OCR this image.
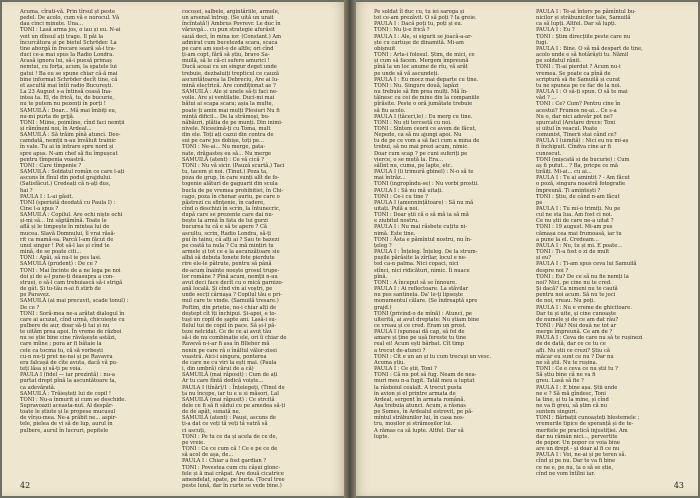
Acuma, cîrati-vă. Prin tîrsul șt peste
pedel. De acolo, cum vă e norocul. Vă
dau cinci minute. Una...
TONI : Lasă arma jos, o iau și eu. N-ai
voit un dînsul ați trage. Il păi la
încurcătura și pe bietul Schröder. La
tine aborgă în frecare seară să-i tra-
duci ce-a mai spus la Radio Londra.
Acasă ignora lui, să-i puesă primaș
nemtui, cu forța, acum, la spatele lui
gatui ! Ba eu se spune chiar că-ă mai
bine informat Schröder decît tine, că
et ascultă mai întîi radio București.
La 23 August s-a întinsă ceasă Ina-
intea ta. El, de frică, tu, de bucurie,
nu te putem nu pezenți în porți !
SAMUILĂ : Doar... Mă mai îmbiți eu,
nu-mi purta de grijă.
TONI : Miine, poimîine, cînd faci nemții
și rămîneni noi, în Ardeal...
SAMUILĂ : Să trăim pînă atunci. Deo-
camdată, nemții n-au învăluit trainic
în vale. Tu ai în intrare spre nord și
spre apus. N-am chef să fiu împușcat
pentru tîmpenia voastră.
TONI : Care tîmpenie ?
SAMUILĂ : Soldatul român ce care l-ați
ascuns în fînul din podul grajdului.
(Satisfăcut.) Credeați că n-ați dus,
hai ?
PAULA I : L-ai găsit.
TONI (speriată deodată cu Paula I) :
Cine l-a spus ?
SAMUILĂ : Copilul. Are ochi niște ochi
și-mi să... Ini săptămînă. Toate le
află și le timpește în mintea lui de
mucea. Slavă Domnului, îl vrai răsă-
rit ca mamă-sa. Parcă l-am făcut de
unul singur ! Pot să-l las și cînd te
mină, de se poate citi...
TONI : Apăi, să nu-l ie pes lasi.
SAMUILĂ (prudent) : De ce ?
TONI : Mai încinte de a ne lega pe noi
doi și de a-l pune-ți deasupra a con-
struei, o să-l cam trebuiască să-i strigă
de gât. Și tu-tău n-ai fi stirb de
pe Paravez.
SAMUILĂ (ai mai precuvit, scade tonul) :
De ce ?
TONI : Soră-mea ne-a arătat dialogul în
care ai acuzat, cînd urmă, chicuiește cu
pulbere de aur, doar să-ți tai și nu
te uităm prea apoi. În vreme de război
nu se știe bine cine răvășește astăzi,
care mîine ; pora ar fi bătaie la
cele ca tocma tu, că să vorbești
cu-n nu-ți pret ne-nsi și pe Ravavra
era falcașă de cîte avuta, dacă vă pu-
teți lăsa și să-ți pe voia.
PAULA I (fidel — iar prezintă) : nu-a
purtat drept pînă la ascuntătoare ta,
ca adevărată.
SAMUILĂ : Trăieșteți lui de copil !
TONI : Nu-a înmurit și cum se deschide.
Supravoazii aceasta-nut. Al despăr-
toate le știute și le propese mucusul
de vîrșu-mea. Ne-a prăbit ne... aspir-
tele, pielea de vi să de lup, aurul în
pulbere, aurul în lucruri, pepitele
cocoșei, salbele, argintăriile, armele,
un arsenal întreg. (Se uită un urait
încîntată!) Ambrus Povrevr. Le duc în
văruvgă... cu pun strategie afurăsit
sauă deci, în mina ior. (Constant.) Am
admirat cum bucelezda scara, scaca
pe care am sust-o de altfe; ori cînd
ți-am copt, fără să știu, bravo Sa-
muilă, să le că-ci sufere amurici !
Ducă aceai cu un singur deget unde
trebuie, dezbaluiți trepticul ce cauză
ascuntătoarea la Debreciu, Are ai lu-
mină electrică. Are condiționat ae ?
SAMUILĂ : Ale și unele să-ți faci ne-
voile. Are și ventilatie. Duci-mi mai
bătui ai scapa scara; așia la multe,
poate ți amin mai mulți Plesiuri Nu fi
mintă dificil... De la strămoși, bu-
năbăuri, plătia de pe munți. Din inimi-
nivele. Niceeimă-ți cu Toma, mult
din ele. Toți ați cazui din contra de
sui pe care jos dobișe, toți pe...
TONI : Ne-ai... Nu merge, gata-
nate, drăgasteș eu să... Nu merge
SAMUILĂ (atent) : Ce vă cică ?
TONI : Nu vă sicir. (Pauză scurtă.) Taci
tu, tacem și noi. (Tinut.) Poza ta,
poza de grup, în care sunți alît de fo-
togenie alături de gaguarii din scula
bucla de pe vremea prohibitiei, în Chi-
cago, poza în chenar auriu, pe care o
păstrezi cu sfințenie, în cadere,
cînd o deschizi în scrin, la întunecric,
după care se prezente care dai nu-
bește la armă în fata de lui gurzi
bucurea tu că e să te apere ? Că
ascultu, scrin, Radio Londra, să-ți
pui în tainu, că alți ai ? Sau te bazezi
pe ceată ta nula ? Cu mă mințiri tu
armele și tot ce e la ascunzătoare sie
albă să debuta Ionete fote pierdute
rire ele-le pătrute, pentru să până
de-acum înainte noește grosul trupe-
lor române ? Pînă acum, nemții n-au
avut deci face decît cu o mică garnizo-
ană locală. Și cînd vin ai voștri, pe
unde secți cârnașa ? Copilul tău e pri-
mul care te vinde. (Samuilă tresare.)
Poftim, din prietie, no-i chiar alți de
deștept cît îți închipui. Și-apoi, e to-
tuși un copil de șapte ani. Lasă-i su-
flelul tui de copil în pace. Să și-l pă-
teze nelcidat. Ce de ce ai avut tău
să-i de nu combinatie ele, ori îi chiar de
Ravevă n-i-ar fi asa în Blleher mă
nenin pe care ră o înăltul vălor-zisei
voastră. Aici-i singura, ponterea
de care ne cu viri la ești mai. (Paula
i, din umbră) cărui de a că)
SAMUILĂ (mai răposit) : Cum de ați
Ar tu care fîntă dedică voiște...
PAULA I (tînăr)/1 : Înțelegeți, (Tinul de
ța nu începe, iar tu e u si măsori, Lal
SAMUILĂ (mai răpusit) : Ce strcită
dele ce fi să fi sădui cu pe amedea să-ți
de de apăt, sunată ne.
SAMUILĂ (atent) : Pauși, ascuns de
ți-a dat ce veți tă veți tă vatră să
ci ascuți,
TONI : Pe tu ce da și acela de ce de,
pe vreie.
TONI : Ce ce cum că ! Ce e pe ce de
să acol de așa, de...
PAULA I : Chiar a fost gardian ?
TONI : Povestea cum ciu câșui glonc-
fele și ă mai crăpat. Are două cicatrice
amendelat, spate, pe burta. (Tocul tree
peste lună, dar în curte se vede bine.)
42
Pe soldat îl duc cu, tu iei saroga și
tot ce-am prezăvit. O să poți ? Ia greie.
PAULA I : Dacă poți tu, poți și eu.
TONI : Nu ți-e frică ?
PAULA I : Ale, si sigurii se joacă-a-ar-
ște cu cartușe de dinamită. Mi-am
obișnuit
TONI : Arta-i folosul. Știm, de mici, ce
și cum să facem. Mergem împreună
pînă la un loc anume de rîu, vă arăt
pe unde să vă ascundeți.
PAULA I : Eu mocz mai departe cu tine.
TONI : Nu. Singure două, lapăzi
nu trebuie să fim prea mulți. Mă în-
tâlnesc cu cei de mine din la companiile
pîrăsite. Peste o oră jumătate trebuie
să fiu acolo.
PAULA I (tăceri,le) : Eu merg cu tine.
TONI : Nu ști tercsetă cu noi.
TONI : Sîntem ceorii ce avem de făcut,
Nepede, ca să nu ajungi apoi. Nu
tu de pe ce vom a să faci cum a mina de
trebui, să nu mai prezi acum, nimic.
Doar cum scap ? pe cuni suferiți pe
vierce, o se mută la. Era...
sălînt nu, cumu, pe lapte, etc.
PAULA I (li trimură gbinel) : N-o să te
mai întrăz...
TONI (ingropîndu-se) : Nu vorbi prostii.
PAULA I : Să nu mă uitați.
TONI : Ce-i cu tine ?
PAULA I (amennințătoare) : Să nu mă
uitați. Pulă a noi.
TONI : Doar știi că o să mă ia să mă
e ziubitul nostru.
PAULA I : Nu mai răsbete cuțitu ni-
nimă. Este tine.
TONI : Ăsta e pămîntul nostru, nu în-
țeleg ?
PAULA I : Înțeleg. Înțeleg. De la strum-
pușile părăsite la zîrilar, locul e ne-
ted ca-n palma. Nici copaci, nici
stînci, nici ridicături, nimic. Îi nuace
pînă.
TONI : A început să se înnoure.
PAULA I : Ai reflectoare. La stăvilar
nu pus santinela. Da' le-ți lipsește
monumentul călare. (Se îndreaptă spre
grajd.)
TONI (privind-o de mînă) : Atunci, pe
ulterită, ai avut dreptate: Nu știam bine
ce vreau și ce cred. Eram un prost.
PAULA I (spuneai dă cap, să fel de
amare și ține pe ușă fereste tu tine
real ei! Acum ești bărbat. Cît timp
a trecut de-atunci ?
TONI : Cît e un an și tu cum trecuși un vesc.
Acuma știu.
PAULA I : Ce știi, Toni ?
TONI : Că nu pot să fug. Neam de nea-
muri meu n-a fugit. Tatăl meu a luptat
la râsboiul cealalt. A trecut pusta
în avion și el printre armata de
Ardeal, sergent în armata română.
Așa trebuia atunci. Acum, a răsnas
pe Somes, în Ardealul estrovit, pe pă-
mîntul străbunilor lui, în casa nos-
tru, moșilor și strămoșilor lui.
A rămas ca să lupte. Altfel. Dar să
lupte.
PAULA I : Te-ai întors pe pămîntul bu-
nicilor și străbunicilor tale, Samuilă
ca să lupți. Altfel. Dar să lupți.
PAULA I : Eu ?
TONI : Știm direcțiile peste care nu
fugi.
PAULA I : Bine. O să mă despart de tine,
acolo unde e să hotărăști tu. Nămil
pe soldatul rănit.
TONI : Ti-ai pierdut ? Acum nu-i
vremea. Se poate ca pînă de
scriptură să fie Samuilă și curat
tu ne spunea pe ce fac de la noi.
PAULA I : O să-ți spun. O să te mai
văd ? ...
TONI : Ce? Cum? Pentru cine în
acestui? Frumos ne-ai... Ce s-a
Nu o, dar nici adevăr pot ne?
spurcatul (Arstare drece: Toni
și uitul în veacul. Poate
comunist, Tinerii stai când ce?
PAULA I (uimită) : Nici eu nu mi-aș
fi închipuit. Cîndva cine ar fi
cunoscut.
TONI (mișcată si de bucurie) : Cum
aș fi putut... ? Ba, pricpe ce mă
tirăiți. Mi-ai... cu ai...
PAULA I : Tu ai amintit ? - Am făcut
o poză, singura noastră fotografie
împreună. Ți amintești ?
TONI : Știu, de când n-am făcut
pe
PAULA I : Tu mi-o trimiți. Nu pe
cul ne sta lua. Am fost ci noi.
Ce nu știi de care ne-a uitat ?
TONI : 19 august. Mi-am pus
cămașa cea mai frumoasă, iar tu
a pune la el. Credeam...
PAULA I : Nu, tu și mi. E poate...
TONI : Ți-a fost o zi de mult
și eu?
PAULA I : Ți-am spus ceva lui Samuilă
despre noi ?
TONI : Eu? De ce să nu fie nemți la
noi? Nici, pe cine nu te cred.
Și dacă? Ca nimeni nu te caută
pentru noi acum. Să nu te joci
de noi, vreau. Nu poți.
PAULA I : Nu e vreme de ghicitoare.
Dar tu și uite, și cine cunoaște
de numele și de ce am dat rău?
TONI : Păi? Noi două ne tot ar
merge împreună. Ce am de ?
PAULA I : Ceva de care nu să te rușinezi
de de dată, dar ce ce tu ce
afli. Nu știi ce crezi? Știu că
măcar eu sunt ce nu ? Dar nu
ne să știi. Nu te rușina.
TONI : Ce e ceva ce nu știi tu ?
Să știu bine că ne va fi
greu. Lasă să fie ?
PAULA I : E bine așa. Știi unde
ne e ? Să mă gîndesc, Toni
la tine, și tu la mine, și cînd
ne va fi greu, să știm că nu
suntem singuri.
TONI : Bărbații cunoașteți blestemele ;
vremurile tipice de speranță și de te-
meritele pe practică injustiției. Am
dar nu rămân nici..., pervertite
de popor. Un popor ce voia bine
are un drept - și doar al fi ce nu
PAULA I : Voi, ne-ai și pe teren să.
cînd și pe nu. Dar te va fi bine
ce ne e, pe nu, la o să se știe,
cînd ne vom întîlni iar.
43
